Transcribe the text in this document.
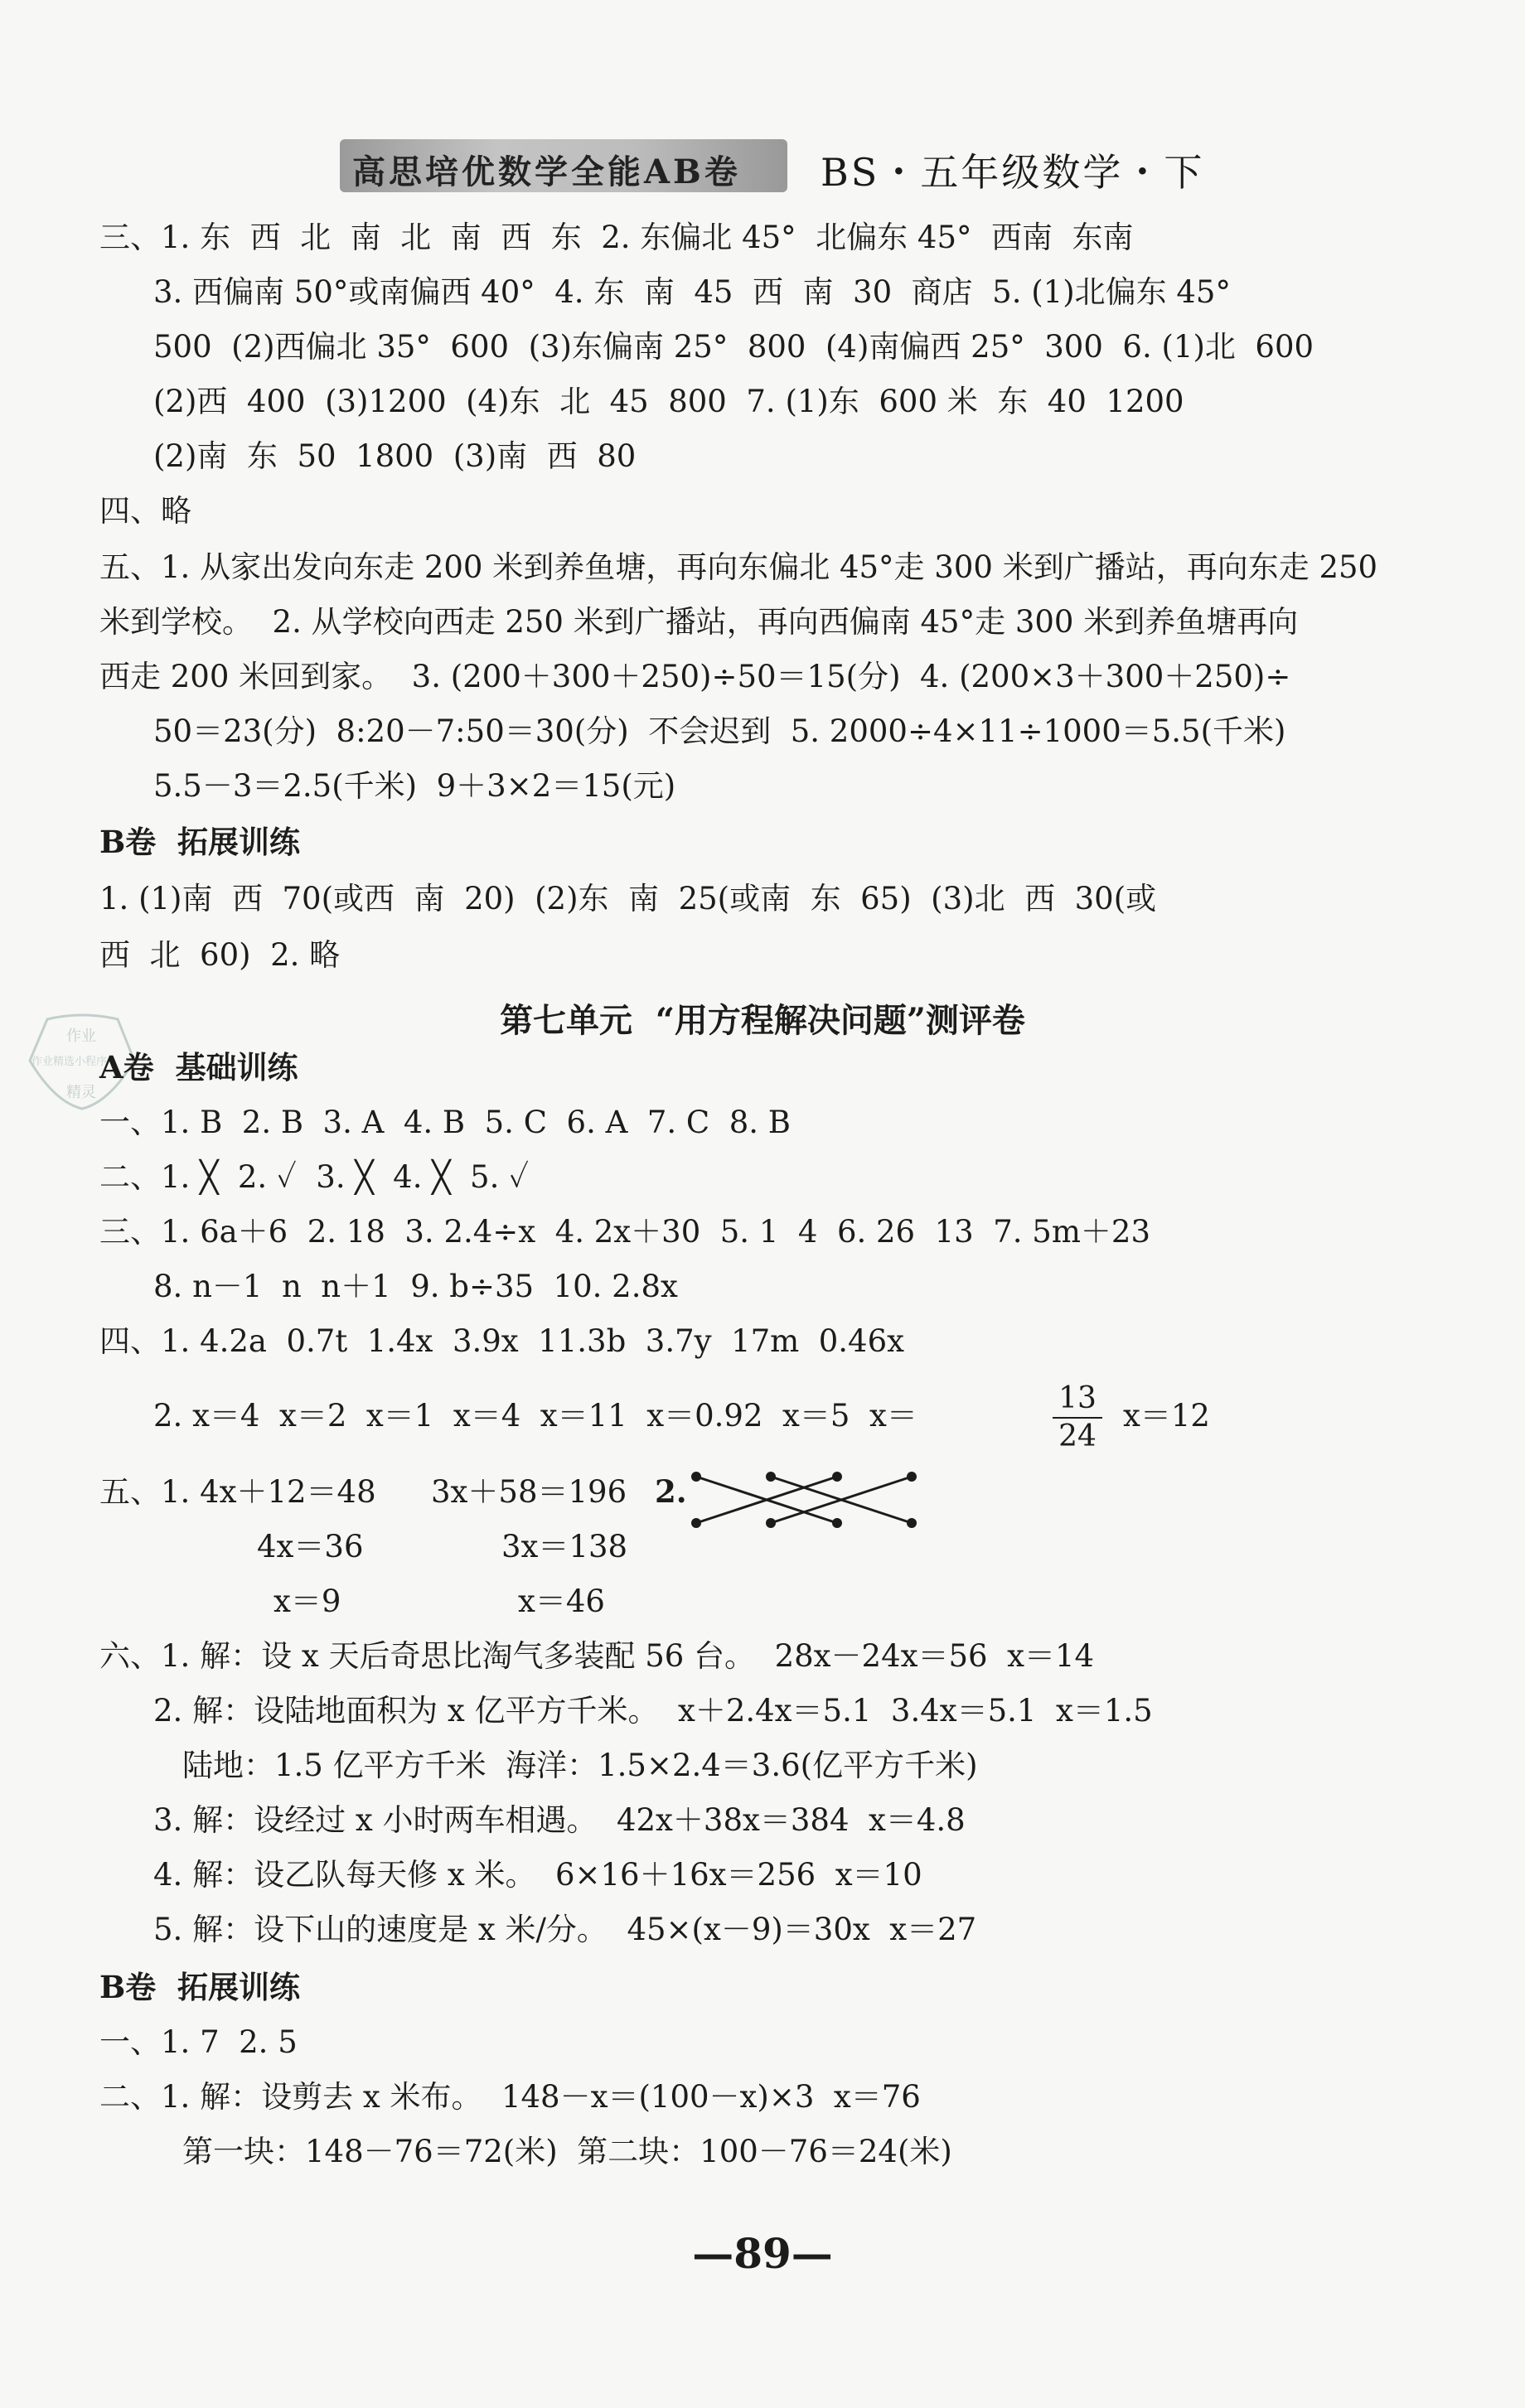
高思培优数学全能AB卷 BS・五年级数学・下
三、1. 东  西  北  南  北  南  西  东  2. 东偏北 45°  北偏东 45°  西南  东南
3. 西偏南 50°或南偏西 40°  4. 东  南  45  西  南  30  商店  5. (1)北偏东 45°
500  (2)西偏北 35°  600  (3)东偏南 25°  800  (4)南偏西 25°  300  6. (1)北  600
(2)西  400  (3)1200  (4)东  北  45  800  7. (1)东  600 米  东  40  1200
(2)南  东  50  1800  (3)南  西  80
四、略
五、1. 从家出发向东走 200 米到养鱼塘，再向东偏北 45°走 300 米到广播站，再向东走 250
米到学校。  2. 从学校向西走 250 米到广播站，再向西偏南 45°走 300 米到养鱼塘再向
西走 200 米回到家。  3. (200＋300＋250)÷50＝15(分)  4. (200×3＋300＋250)÷
50＝23(分)  8:20－7:50＝30(分)  不会迟到  5. 2000÷4×11÷1000＝5.5(千米)
5.5－3＝2.5(千米)  9＋3×2＝15(元)
B卷  拓展训练
1. (1)南  西  70(或西  南  20)  (2)东  南  25(或南  东  65)  (3)北  西  30(或
西  北  60)  2. 略
第七单元  “用方程解决问题”测评卷
作业
作业精选小程序
精灵
A卷  基础训练
一、1. B  2. B  3. A  4. B  5. C  6. A  7. C  8. B
二、1. ╳  2. ✓  3. ╳  4. ╳  5. ✓
三、1. 6a＋6  2. 18  3. 2.4÷x  4. 2x＋30  5. 1  4  6. 26  13  7. 5m＋23
8. n－1  n  n＋1  9. b÷35  10. 2.8x
四、1. 4.2a  0.7t  1.4x  3.9x  11.3b  3.7y  17m  0.46x
2. x＝4  x＝2  x＝1  x＝4  x＝11  x＝0.92  x＝5  x＝	$\frac{13}{24} x=12$
五、1. 4x＋12＝48 3x＋58＝196 2.
4x＝36	3x＝138
x＝9	x＝46
六、1. 解：设 x 天后奇思比淘气多装配 56 台。  28x－24x＝56  x＝14
2. 解：设陆地面积为 x 亿平方千米。  x＋2.4x＝5.1  3.4x＝5.1  x＝1.5
陆地：1.5 亿平方千米  海洋：1.5×2.4＝3.6(亿平方千米)
3. 解：设经过 x 小时两车相遇。  42x＋38x＝384  x＝4.8
4. 解：设乙队每天修 x 米。  6×16＋16x＝256  x＝10
5. 解：设下山的速度是 x 米/分。  45×(x－9)＝30x  x＝27
B卷  拓展训练
一、1. 7  2. 5
二、1. 解：设剪去 x 米布。  148－x＝(100－x)×3  x＝76
第一块：148－76＝72(米)  第二块：100－76＝24(米)
—89—
